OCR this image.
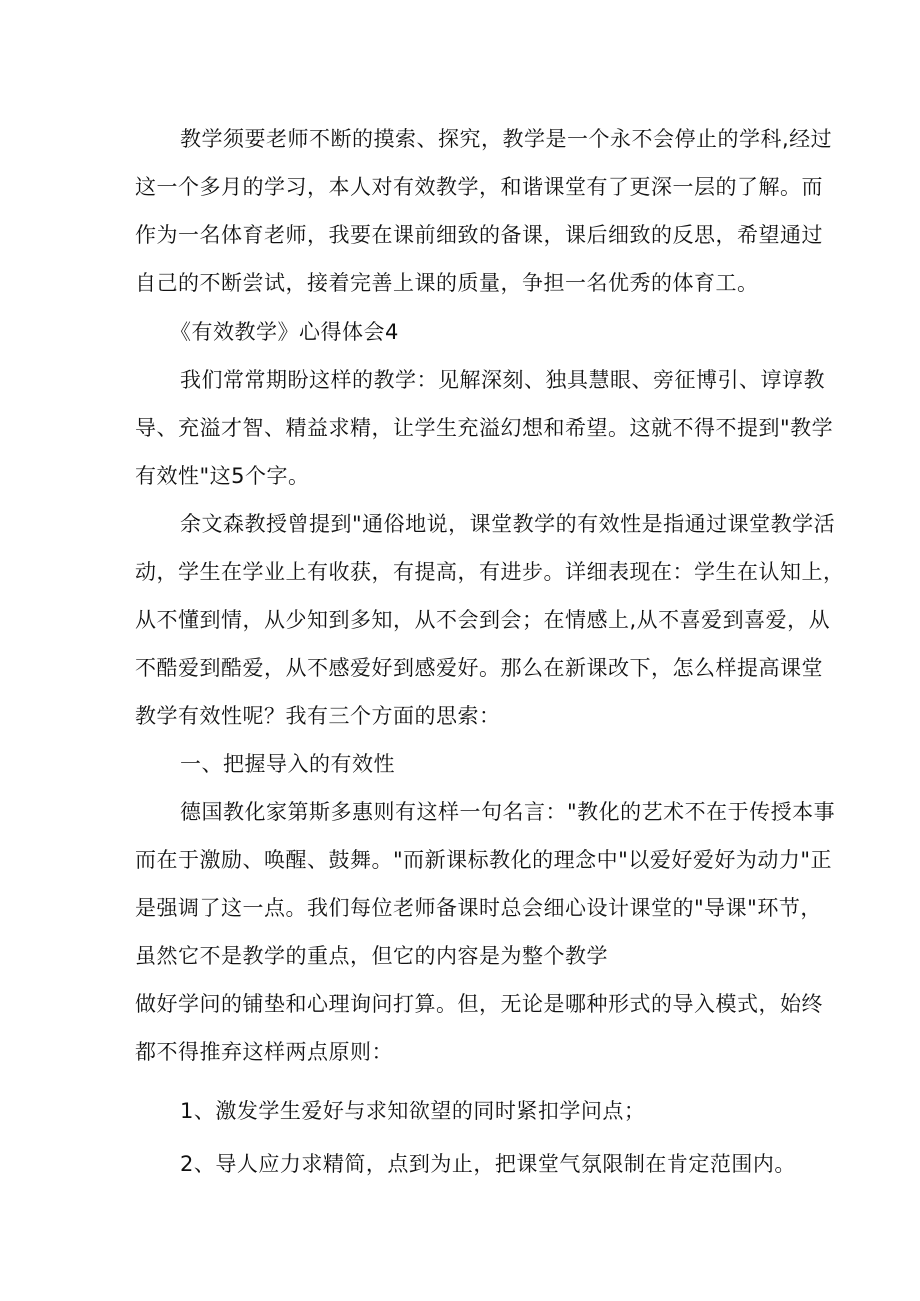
教学须要老师不断的摸索、探究，教学是一个永不会停止的学科,经过
这一个多月的学习，本人对有效教学，和谐课堂有了更深一层的了解。而
作为一名体育老师，我要在课前细致的备课，课后细致的反思，希望通过
自己的不断尝试，接着完善上课的质量，争担一名优秀的体育工。
《有效教学》心得体会4
我们常常期盼这样的教学：见解深刻、独具慧眼、旁征博引、谆谆教
导、充溢才智、精益求精，让学生充溢幻想和希望。这就不得不提到"教学
有效性"这5个字。
余文森教授曾提到"通俗地说，课堂教学的有效性是指通过课堂教学活
动，学生在学业上有收获，有提高，有进步。详细表现在：学生在认知上，
从不懂到情，从少知到多知，从不会到会；在情感上,从不喜爱到喜爱，从
不酷爱到酷爱，从不感爱好到感爱好。那么在新课改下，怎么样提高课堂
教学有效性呢？我有三个方面的思索：
一、把握导入的有效性
德国教化家第斯多惠则有这样一句名言："教化的艺术不在于传授本事
而在于激励、唤醒、鼓舞。"而新课标教化的理念中"以爱好爱好为动力"正
是强调了这一点。我们每位老师备课时总会细心设计课堂的"导课"环节，
虽然它不是教学的重点，但它的内容是为整个教学
做好学问的铺垫和心理询问打算。但，无论是哪种形式的导入模式，始终
都不得推弃这样两点原则：
1、激发学生爱好与求知欲望的同时紧扣学问点；
2、导人应力求精简，点到为止，把课堂气氛限制在肯定范围内。
